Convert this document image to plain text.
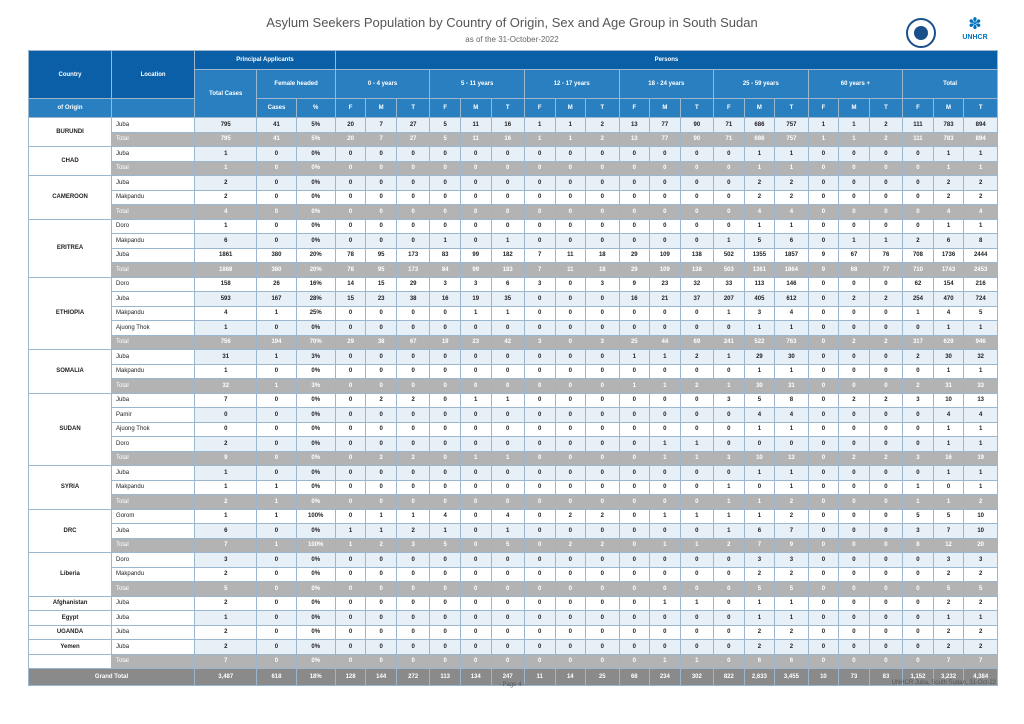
Asylum Seekers Population by Country of Origin, Sex and Age Group in South Sudan
as of the 31-October-2022
✽
UNHCR
Country	Location	Principal Applicants			Persons																				
		Total Cases	Female headed		0 - 4 years			5 - 11 years			12 - 17 years			18 - 24 years			25 - 59 years			60 years +			Total		
of Origin			Cases	%	F	M	T	F	M	T	F	M	T	F	M	T	F	M	T	F	M	T	F	M	T
BURUNDI	Juba	795	41	5%	20	7	27	5	11	16	1	1	2	13	77	90	71	686	757	1	1	2	111	783	894
	Total	795	41	5%	20	7	27	5	11	16	1	1	2	13	77	90	71	686	757	1	1	2	111	783	894
CHAD	Juba	1	0	0%	0	0	0	0	0	0	0	0	0	0	0	0	0	1	1	0	0	0	0	1	1
	Total	1	0	0%	0	0	0	0	0	0	0	0	0	0	0	0	0	1	1	0	0	0	0	1	1
CAMEROON	Juba	2	0	0%	0	0	0	0	0	0	0	0	0	0	0	0	0	2	2	0	0	0	0	2	2
	Makpandu	2	0	0%	0	0	0	0	0	0	0	0	0	0	0	0	0	2	2	0	0	0	0	2	2
	Total	4	0	0%	0	0	0	0	0	0	0	0	0	0	0	0	0	4	4	0	0	0	0	4	4
ERITREA	Doro	1	0	0%	0	0	0	0	0	0	0	0	0	0	0	0	0	1	1	0	0	0	0	1	1
	Makpandu	6	0	0%	0	0	0	1	0	1	0	0	0	0	0	0	1	5	6	0	1	1	2	6	8
	Juba	1861	380	20%	78	95	173	83	99	182	7	11	18	29	109	138	502	1355	1857	9	67	76	708	1736	2444
	Total	1868	380	20%	78	95	173	84	99	183	7	11	18	29	109	138	503	1361	1864	9	68	77	710	1743	2453
ETHIOPIA	Doro	158	26	16%	14	15	29	3	3	6	3	0	3	9	23	32	33	113	146	0	0	0	62	154	216
	Juba	593	167	28%	15	23	38	16	19	35	0	0	0	16	21	37	207	405	612	0	2	2	254	470	724
	Makpandu	4	1	25%	0	0	0	0	1	1	0	0	0	0	0	0	1	3	4	0	0	0	1	4	5
	Ajuong Thok	1	0	0%	0	0	0	0	0	0	0	0	0	0	0	0	0	1	1	0	0	0	0	1	1
	Total	756	194	70%	29	38	67	19	23	42	3	0	3	25	44	69	241	522	763	0	2	2	317	629	946
SOMALIA	Juba	31	1	3%	0	0	0	0	0	0	0	0	0	1	1	2	1	29	30	0	0	0	2	30	32
	Makpandu	1	0	0%	0	0	0	0	0	0	0	0	0	0	0	0	0	1	1	0	0	0	0	1	1
	Total	32	1	3%	0	0	0	0	0	0	0	0	0	1	1	2	1	30	31	0	0	0	2	31	33
SUDAN	Juba	7	0	0%	0	2	2	0	1	1	0	0	0	0	0	0	3	5	8	0	2	2	3	10	13
	Pamir	0	0	0%	0	0	0	0	0	0	0	0	0	0	0	0	0	4	4	0	0	0	0	4	4
	Ajuong Thok	0	0	0%	0	0	0	0	0	0	0	0	0	0	0	0	0	1	1	0	0	0	0	1	1
	Doro	2	0	0%	0	0	0	0	0	0	0	0	0	0	1	1	0	0	0	0	0	0	0	1	1
	Total	9	0	0%	0	2	2	0	1	1	0	0	0	0	1	1	3	10	13	0	2	2	3	16	19
SYRIA	Juba	1	0	0%	0	0	0	0	0	0	0	0	0	0	0	0	0	1	1	0	0	0	0	1	1
	Makpandu	1	1	0%	0	0	0	0	0	0	0	0	0	0	0	0	1	0	1	0	0	0	1	0	1
	Total	2	1	0%	0	0	0	0	0	0	0	0	0	0	0	0	1	1	2	0	0	0	1	1	2
DRC	Gorom	1	1	100%	0	1	1	4	0	4	0	2	2	0	1	1	1	1	2	0	0	0	5	5	10
	Juba	6	0	0%	1	1	2	1	0	1	0	0	0	0	0	0	1	6	7	0	0	0	3	7	10
	Total	7	1	100%	1	2	3	5	0	5	0	2	2	0	1	1	2	7	9	0	0	0	8	12	20
Liberia	Doro	3	0	0%	0	0	0	0	0	0	0	0	0	0	0	0	0	3	3	0	0	0	0	3	3
	Makpandu	2	0	0%	0	0	0	0	0	0	0	0	0	0	0	0	0	2	2	0	0	0	0	2	2
	Total	5	0	0%	0	0	0	0	0	0	0	0	0	0	0	0	0	5	5	0	0	0	0	5	5
Afghanistan	Juba	2	0	0%	0	0	0	0	0	0	0	0	0	0	1	1	0	1	1	0	0	0	0	2	2
Egypt	Juba	1	0	0%	0	0	0	0	0	0	0	0	0	0	0	0	0	1	1	0	0	0	0	1	1
UGANDA	Juba	2	0	0%	0	0	0	0	0	0	0	0	0	0	0	0	0	2	2	0	0	0	0	2	2
Yemen	Juba	2	0	0%	0	0	0	0	0	0	0	0	0	0	0	0	0	2	2	0	0	0	0	2	2
	Total	7	0	0%	0	0	0	0	0	0	0	0	0	0	1	1	0	6	6	0	0	0	0	7	7
Grand Total		3,487	618	18%	128	144	272	113	134	247	11	14	25	68	234	302	822	2,633	3,455	10	73	83	1,152	3,232	4,384
- Page 4 -	UNHCR Juba, South Sudan, 31-Oct-22
